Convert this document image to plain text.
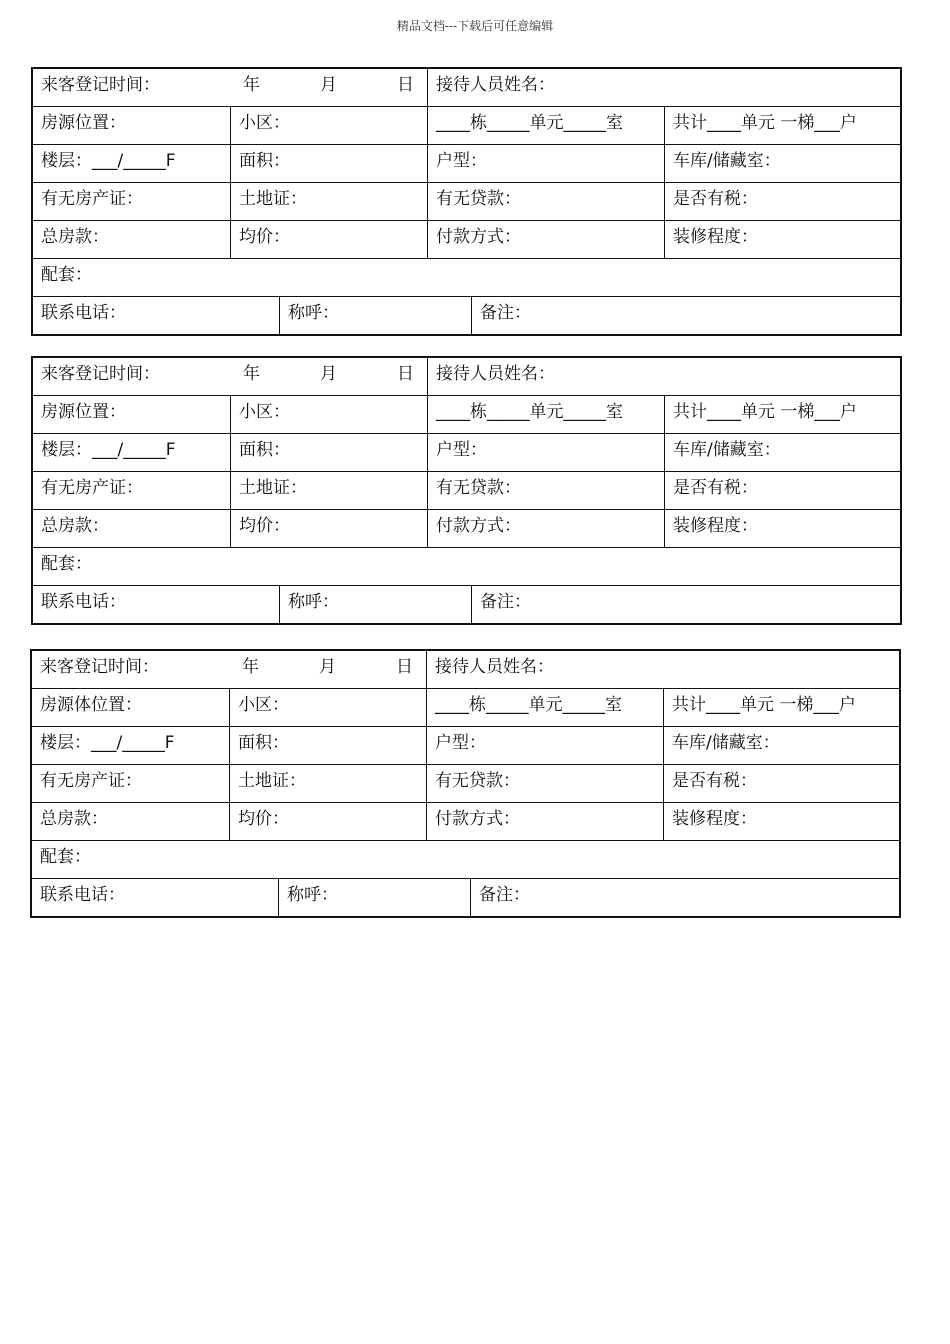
精品文档---下载后可任意编辑
来客登记时间：	年	月	日	接待人员姓名：
房源位置：	小区：	____栋_____单元_____室	共计____单元 一梯___户
楼层：___/_____F	面积：	户型：	车库/储藏室：
有无房产证：	土地证：	有无贷款：	是否有税：
总房款：	均价：	付款方式：	装修程度：
配套：
联系电话：	称呼：	备注：
来客登记时间：	年	月	日	接待人员姓名：
房源位置：	小区：	____栋_____单元_____室	共计____单元 一梯___户
楼层：___/_____F	面积：	户型：	车库/储藏室：
有无房产证：	土地证：	有无贷款：	是否有税：
总房款：	均价：	付款方式：	装修程度：
配套：
联系电话：	称呼：	备注：
来客登记时间：	年	月	日	接待人员姓名：
房源体位置：	小区：	____栋_____单元_____室	共计____单元 一梯___户
楼层：___/_____F	面积：	户型：	车库/储藏室：
有无房产证：	土地证：	有无贷款：	是否有税：
总房款：	均价：	付款方式：	装修程度：
配套：
联系电话：	称呼：	备注：
